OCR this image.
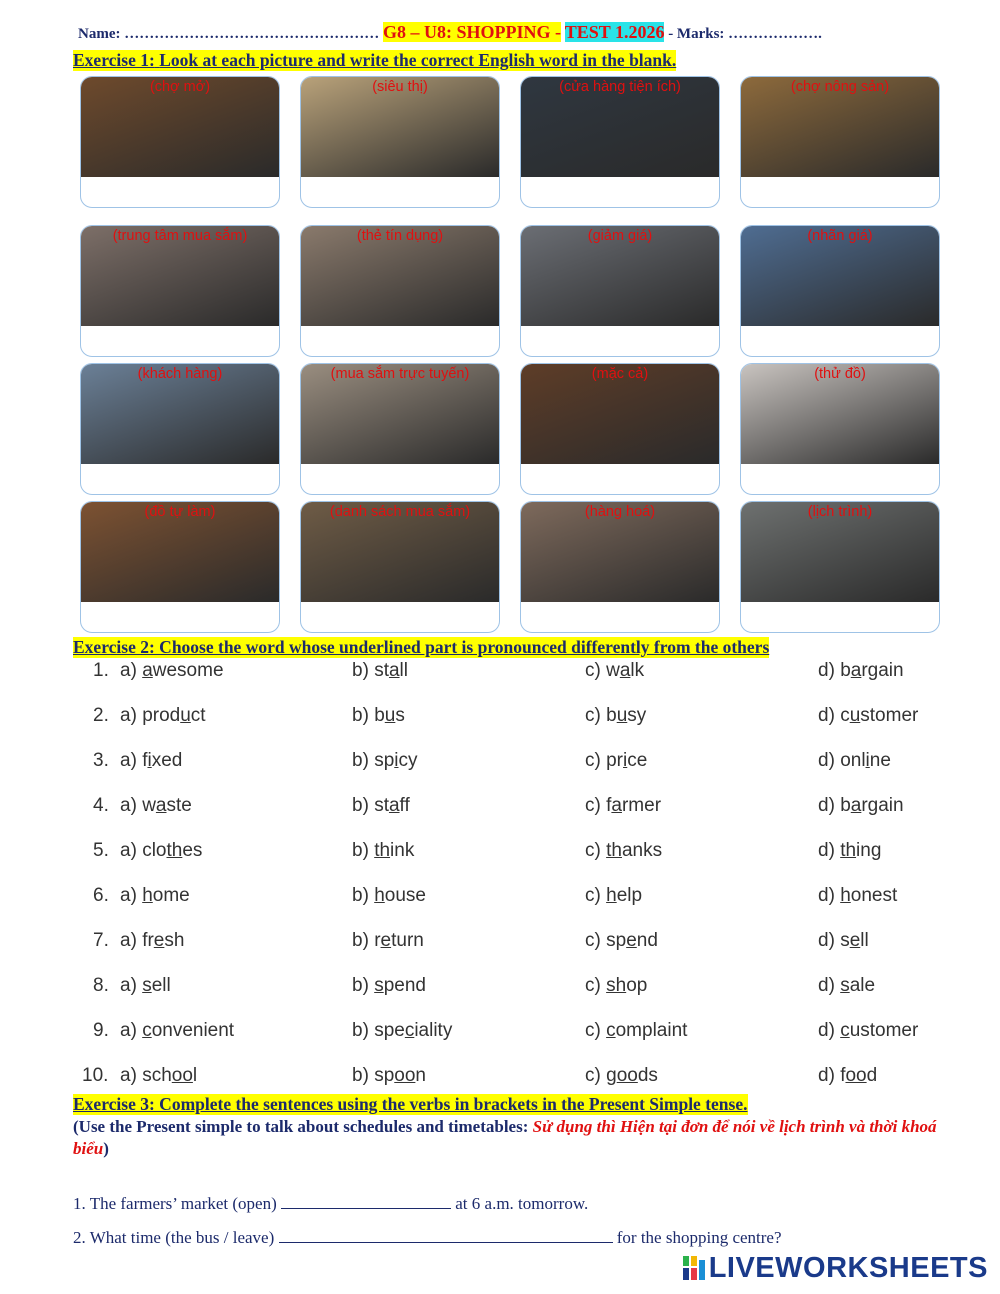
Name: …………………………………………… G8 – U8: SHOPPING - TEST 1.2026 - Marks: ……………….
Exercise 1: Look at each picture and write the correct English word in the blank.
(chợ mở)	(siêu thị)	(cửa hàng tiện ích)	(chợ nông sản)
(trung tâm mua sắm)	(thẻ tín dụng)	(giảm giá)	(nhãn giá)
(khách hàng)	(mua sắm trực tuyến)	(mặc cả)	(thử đồ)
(đồ tự làm)	(danh sách mua sắm)	(hàng hoá)	(lịch trình)
Exercise 2: Choose the word whose underlined part is pronounced differently from the others
1. a) awesome	b) stall	c) walk	d) bargain
2. a) product	b) bus	c) busy	d) customer
3. a) fixed	b) spicy	c) price	d) online
4. a) waste	b) staff	c) farmer	d) bargain
5. a) clothes	b) think	c) thanks	d) thing
6. a) home	b) house	c) help	d) honest
7. a) fresh	b) return	c) spend	d) sell
8. a) sell	b) spend	c) shop	d) sale
9. a) convenient	b) speciality	c) complaint	d) customer
10. a) school	b) spoon	c) goods	d) food
Exercise 3: Complete the sentences using the verbs in brackets in the Present Simple tense.
(Use the Present simple to talk about schedules and timetables: Sử dụng thì Hiện tại đơn để nói về lịch trình và thời khoá biểu)
1. The farmers’ market (open)	at 6 a.m. tomorrow.
2. What time (the bus / leave)	for the shopping centre?
LIVEWORKSHEETS
